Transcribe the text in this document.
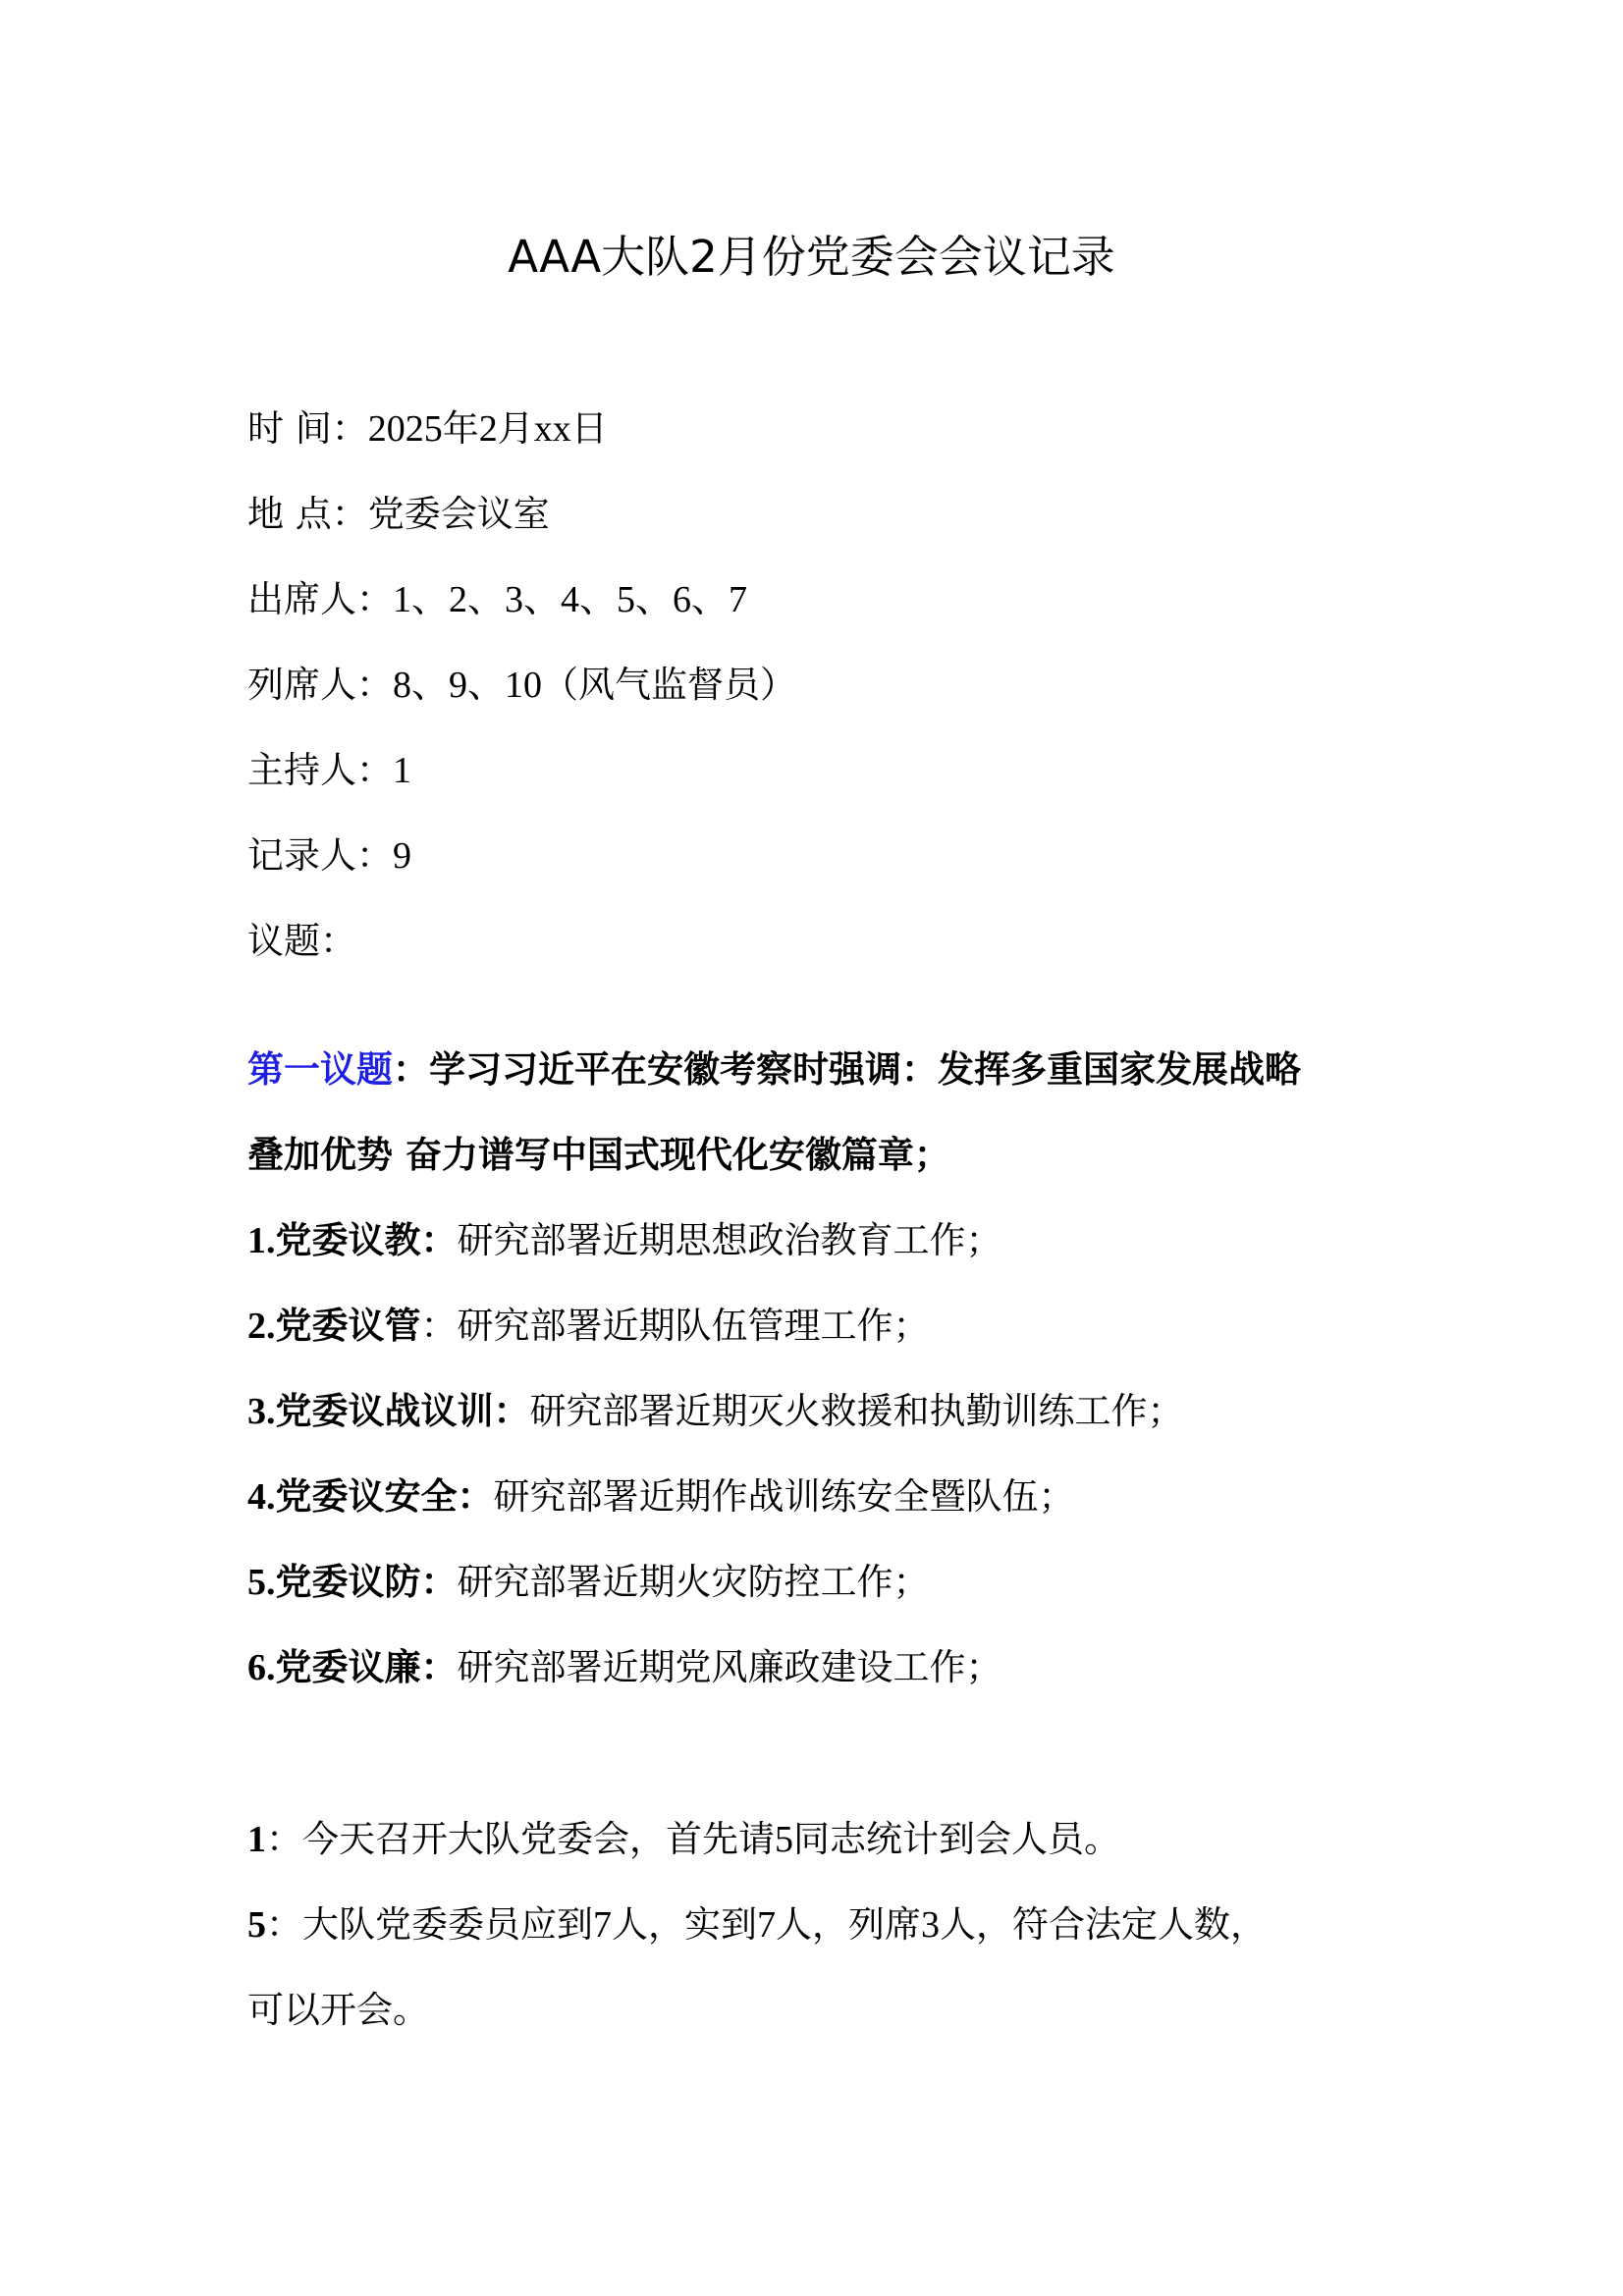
AAA大队2月份党委会会议记录
时 间：2025年2月xx日
地 点：党委会议室
出席人：1、2、3、4、5、6、7
列席人：8、9、10（风气监督员）
主持人：1
记录人：9
议题：
第一议题：学习习近平在安徽考察时强调：发挥多重国家发展战略
叠加优势 奋力谱写中国式现代化安徽篇章；
1.党委议教：研究部署近期思想政治教育工作；
2.党委议管：研究部署近期队伍管理工作；
3.党委议战议训：研究部署近期灭火救援和执勤训练工作；
4.党委议安全：研究部署近期作战训练安全暨队伍；
5.党委议防：研究部署近期火灾防控工作；
6.党委议廉：研究部署近期党风廉政建设工作；
1：今天召开大队党委会，首先请5同志统计到会人员。
5：大队党委委员应到7人，实到7人，列席3人，符合法定人数，
可以开会。
